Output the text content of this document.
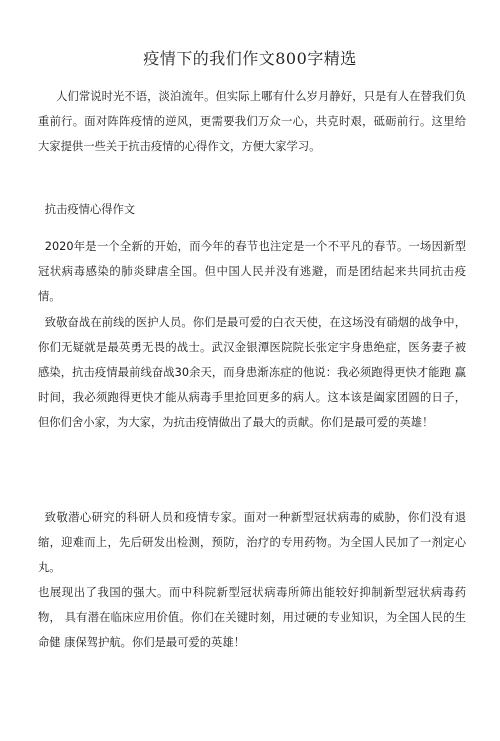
疫情下的我们作文800字精选

人们常说时光不语，淡泊流年。但实际上哪有什么岁月静好，只是有人在替我们负 重前行。面对阵阵疫情的逆风，更需要我们万众一心，共克时艰，砥砺前行。这里给 大家提供一些关于抗击疫情的心得作文，方便大家学习。

抗击疫情心得作文

2020年是一个全新的开始，而今年的春节也注定是一个不平凡的春节。一场因新型 冠状病毒感染的肺炎肆虐全国。但中国人民并没有逃避，而是团结起来共同抗击疫情。

致敬奋战在前线的医护人员。你们是最可爱的白衣天使，在这场没有硝烟的战争中， 你们无疑就是最英勇无畏的战士。武汉金银潭医院院长张定宇身患绝症，医务妻子被 感染，抗击疫情最前线奋战30余天，而身患渐冻症的他说：我必须跑得更快才能跑 赢时间，我必须跑得更快才能从病毒手里抢回更多的病人。这本该是阖家团圆的日子，但你们舍小家，为大家，为抗击疫情做出了最大的贡献。你们是最可爱的英雄！

致敬潜心研究的科研人员和疫情专家。面对一种新型冠状病毒的威胁，你们没有退缩，迎难而上，先后研发出检测，预防，治疗的专用药物。为全国人民加了一剂定心丸。

也展现出了我国的强大。而中科院新型冠状病毒所筛出能较好抑制新型冠状病毒药物， 具有潜在临床应用价值。你们在关键时刻，用过硬的专业知识，为全国人民的生命健 康保驾护航。你们是最可爱的英雄！
